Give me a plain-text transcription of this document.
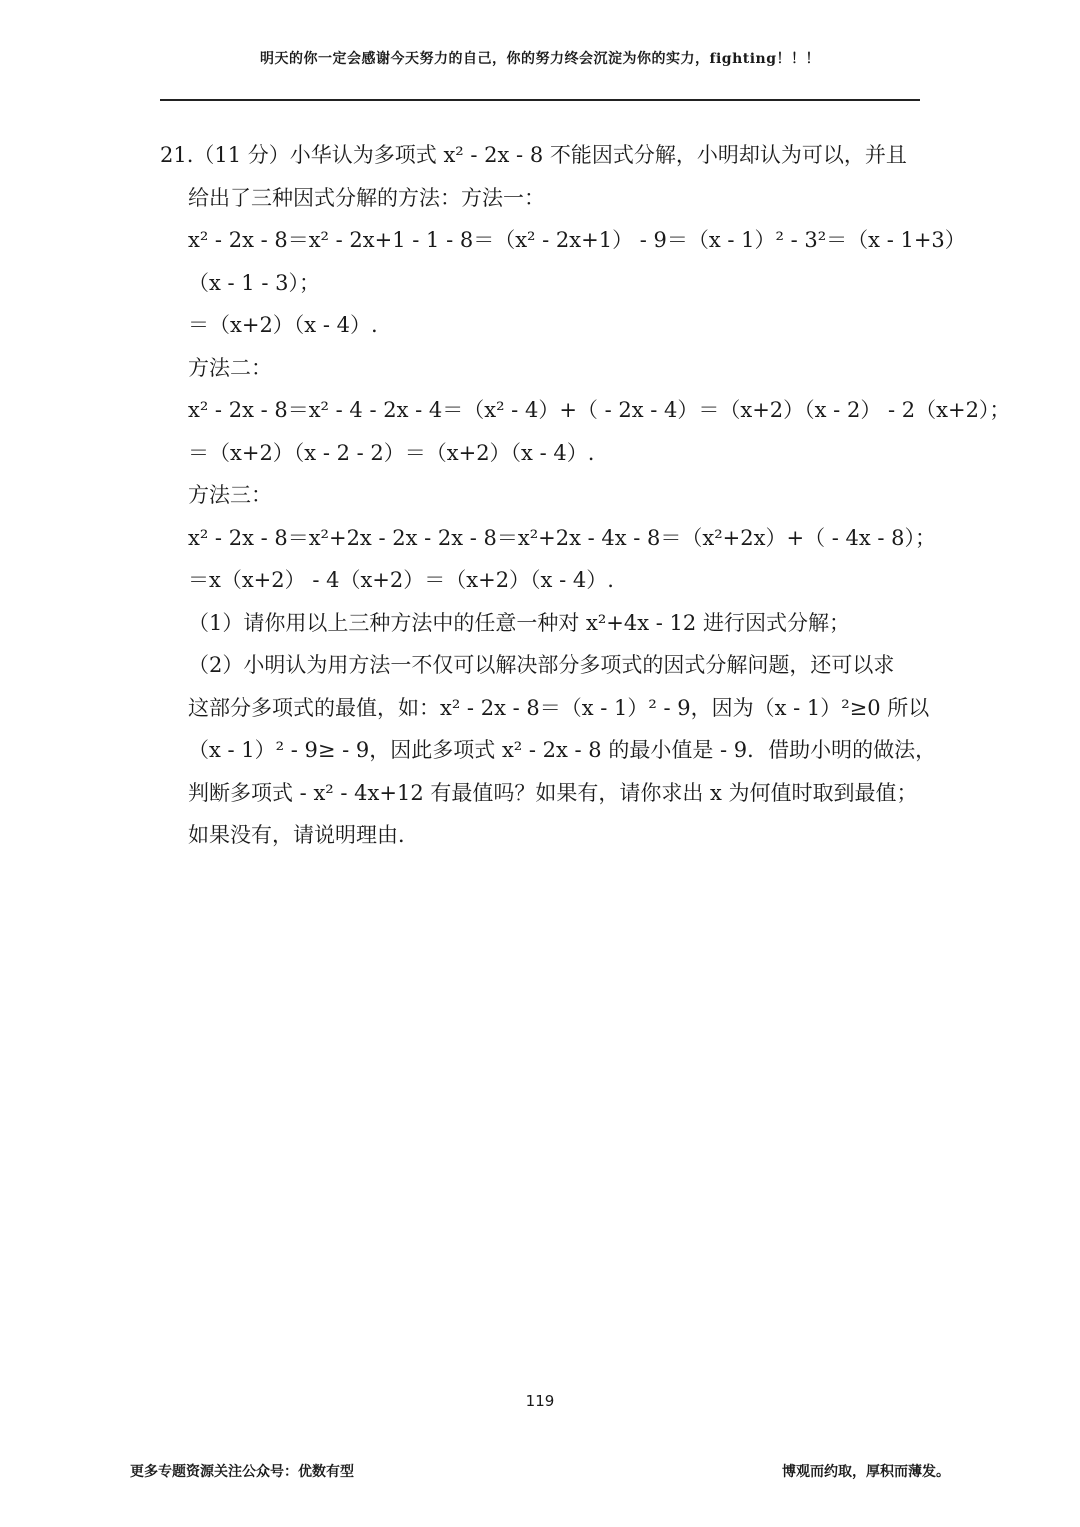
明天的你一定会感谢今天努力的自己，你的努力终会沉淀为你的实力，fighting！！！
21.（11 分）小华认为多项式 x² - 2x - 8 不能因式分解，小明却认为可以，并且
给出了三种因式分解的方法：方法一：
x² - 2x - 8＝x² - 2x+1 - 1 - 8＝（x² - 2x+1） - 9＝（x - 1）² - 3²＝（x - 1+3）
（x - 1 - 3）；
＝（x+2）（x - 4）.
方法二：
x² - 2x - 8＝x² - 4 - 2x - 4＝（x² - 4）+（ - 2x - 4）＝（x+2）（x - 2） - 2（x+2）；
＝（x+2）（x - 2 - 2）＝（x+2）（x - 4）.
方法三：
x² - 2x - 8＝x²+2x - 2x - 2x - 8＝x²+2x - 4x - 8＝（x²+2x）+（ - 4x - 8）；
＝x（x+2） - 4（x+2）＝（x+2）（x - 4）.
（1）请你用以上三种方法中的任意一种对 x²+4x - 12 进行因式分解；
（2）小明认为用方法一不仅可以解决部分多项式的因式分解问题，还可以求
这部分多项式的最值，如：x² - 2x - 8＝（x - 1）² - 9，因为（x - 1）²≥0 所以
（x - 1）² - 9≥ - 9，因此多项式 x² - 2x - 8 的最小值是 - 9．借助小明的做法，
判断多项式 - x² - 4x+12 有最值吗？如果有，请你求出 x 为何值时取到最值；
如果没有，请说明理由．
119
更多专题资源关注公众号：优数有型	博观而约取，厚积而薄发。
